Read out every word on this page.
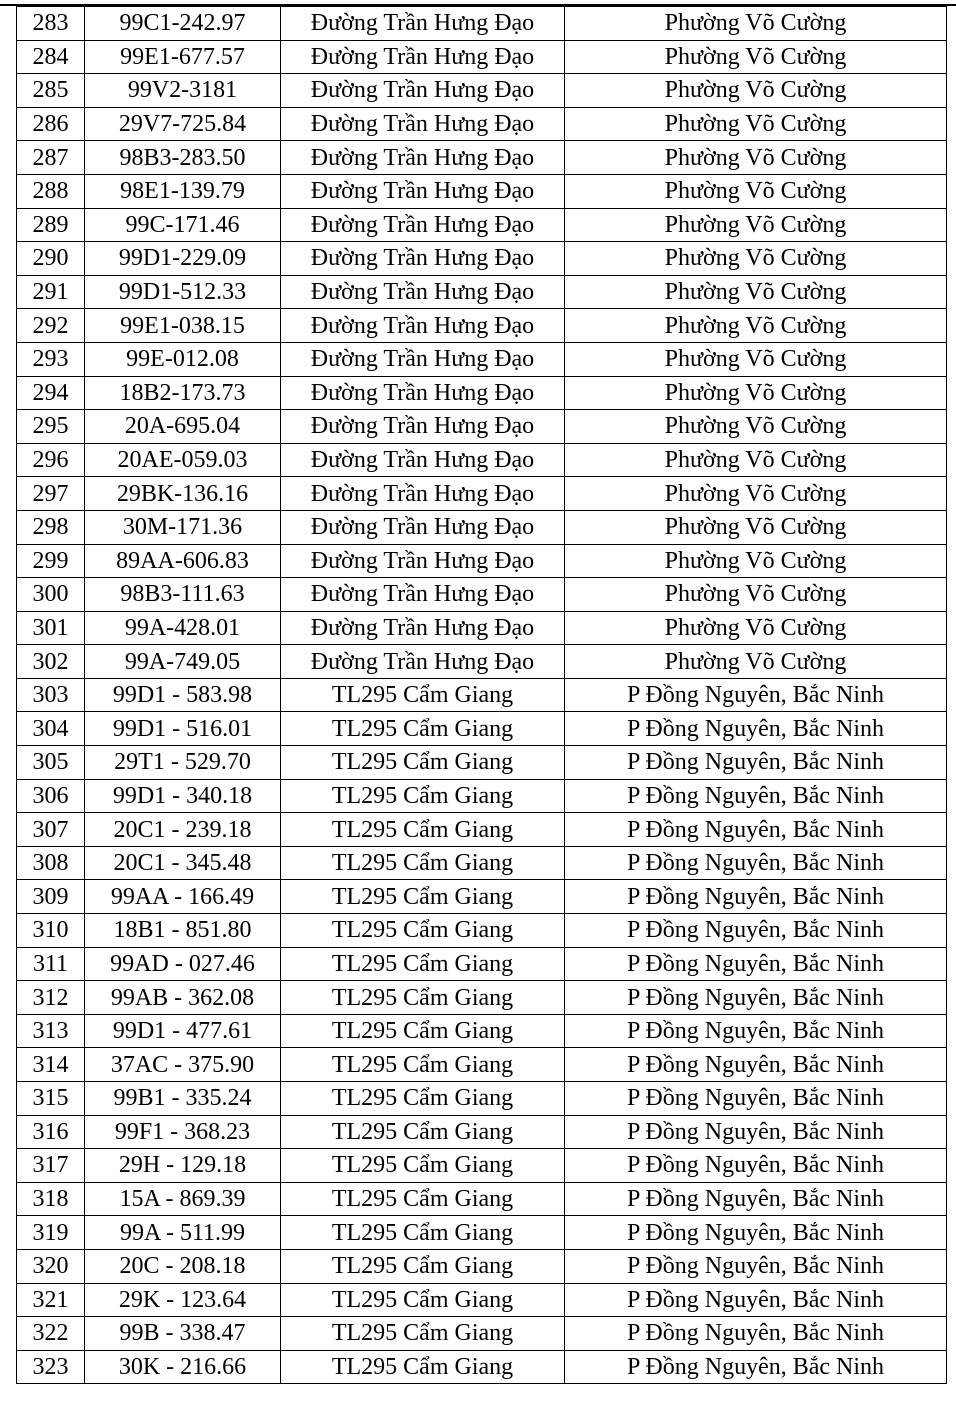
283	99C1-242.97	Đường Trần Hưng Đạo	Phường Võ Cường
284	99E1-677.57	Đường Trần Hưng Đạo	Phường Võ Cường
285	99V2-3181	Đường Trần Hưng Đạo	Phường Võ Cường
286	29V7-725.84	Đường Trần Hưng Đạo	Phường Võ Cường
287	98B3-283.50	Đường Trần Hưng Đạo	Phường Võ Cường
288	98E1-139.79	Đường Trần Hưng Đạo	Phường Võ Cường
289	99C-171.46	Đường Trần Hưng Đạo	Phường Võ Cường
290	99D1-229.09	Đường Trần Hưng Đạo	Phường Võ Cường
291	99D1-512.33	Đường Trần Hưng Đạo	Phường Võ Cường
292	99E1-038.15	Đường Trần Hưng Đạo	Phường Võ Cường
293	99E-012.08	Đường Trần Hưng Đạo	Phường Võ Cường
294	18B2-173.73	Đường Trần Hưng Đạo	Phường Võ Cường
295	20A-695.04	Đường Trần Hưng Đạo	Phường Võ Cường
296	20AE-059.03	Đường Trần Hưng Đạo	Phường Võ Cường
297	29BK-136.16	Đường Trần Hưng Đạo	Phường Võ Cường
298	30M-171.36	Đường Trần Hưng Đạo	Phường Võ Cường
299	89AA-606.83	Đường Trần Hưng Đạo	Phường Võ Cường
300	98B3-111.63	Đường Trần Hưng Đạo	Phường Võ Cường
301	99A-428.01	Đường Trần Hưng Đạo	Phường Võ Cường
302	99A-749.05	Đường Trần Hưng Đạo	Phường Võ Cường
303	99D1 - 583.98	TL295 Cẩm Giang	P Đồng Nguyên, Bắc Ninh
304	99D1 - 516.01	TL295 Cẩm Giang	P Đồng Nguyên, Bắc Ninh
305	29T1 - 529.70	TL295 Cẩm Giang	P Đồng Nguyên, Bắc Ninh
306	99D1 - 340.18	TL295 Cẩm Giang	P Đồng Nguyên, Bắc Ninh
307	20C1 - 239.18	TL295 Cẩm Giang	P Đồng Nguyên, Bắc Ninh
308	20C1 - 345.48	TL295 Cẩm Giang	P Đồng Nguyên, Bắc Ninh
309	99AA - 166.49	TL295 Cẩm Giang	P Đồng Nguyên, Bắc Ninh
310	18B1 - 851.80	TL295 Cẩm Giang	P Đồng Nguyên, Bắc Ninh
311	99AD - 027.46	TL295 Cẩm Giang	P Đồng Nguyên, Bắc Ninh
312	99AB - 362.08	TL295 Cẩm Giang	P Đồng Nguyên, Bắc Ninh
313	99D1 - 477.61	TL295 Cẩm Giang	P Đồng Nguyên, Bắc Ninh
314	37AC - 375.90	TL295 Cẩm Giang	P Đồng Nguyên, Bắc Ninh
315	99B1 - 335.24	TL295 Cẩm Giang	P Đồng Nguyên, Bắc Ninh
316	99F1 - 368.23	TL295 Cẩm Giang	P Đồng Nguyên, Bắc Ninh
317	29H - 129.18	TL295 Cẩm Giang	P Đồng Nguyên, Bắc Ninh
318	15A - 869.39	TL295 Cẩm Giang	P Đồng Nguyên, Bắc Ninh
319	99A - 511.99	TL295 Cẩm Giang	P Đồng Nguyên, Bắc Ninh
320	20C - 208.18	TL295 Cẩm Giang	P Đồng Nguyên, Bắc Ninh
321	29K - 123.64	TL295 Cẩm Giang	P Đồng Nguyên, Bắc Ninh
322	99B - 338.47	TL295 Cẩm Giang	P Đồng Nguyên, Bắc Ninh
323	30K - 216.66	TL295 Cẩm Giang	P Đồng Nguyên, Bắc Ninh
